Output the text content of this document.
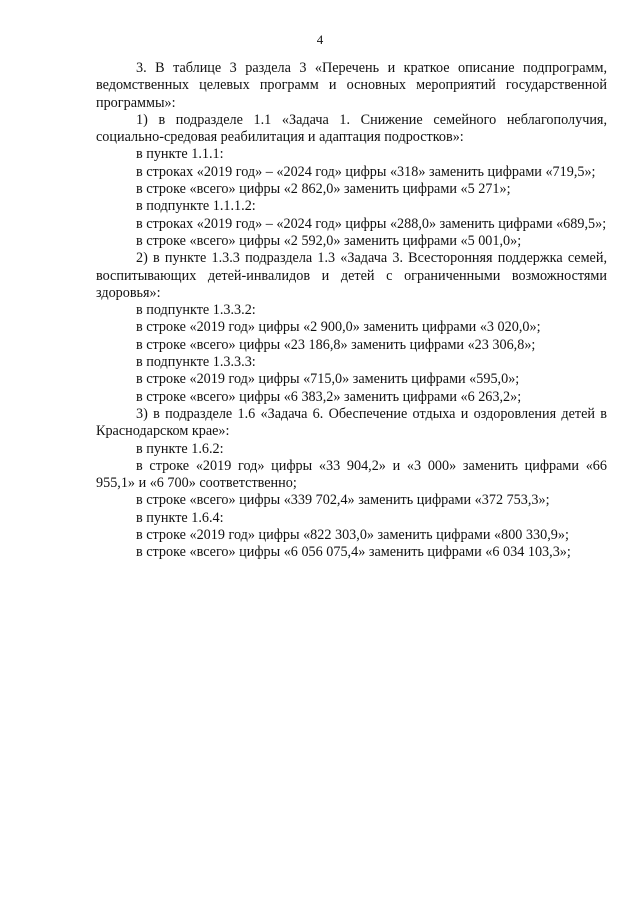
4

3. В таблице 3 раздела 3 «Перечень и краткое описание подпрограмм, ведомственных целевых программ и основных мероприятий государственной программы»:

1) в подразделе 1.1 «Задача 1. Снижение семейного неблагополучия, социально-средовая реабилитация и адаптация подростков»:

в пункте 1.1.1:

в строках «2019 год» – «2024 год» цифры «318» заменить цифрами «719,5»;

в строке «всего» цифры «2 862,0» заменить цифрами «5 271»;

в подпункте 1.1.1.2:

в строках «2019 год» – «2024 год» цифры «288,0» заменить цифрами «689,5»;

в строке «всего» цифры «2 592,0» заменить цифрами «5 001,0»;

2) в пункте 1.3.3 подраздела 1.3 «Задача 3. Всесторонняя поддержка семей, воспитывающих детей-инвалидов и детей с ограниченными возможностями здоровья»:

в подпункте 1.3.3.2:

в строке «2019 год» цифры «2 900,0» заменить цифрами «3 020,0»;

в строке «всего» цифры «23 186,8» заменить цифрами «23 306,8»;

в подпункте 1.3.3.3:

в строке «2019 год» цифры «715,0» заменить цифрами «595,0»;

в строке «всего» цифры «6 383,2» заменить цифрами «6 263,2»;

3) в подразделе 1.6 «Задача 6. Обеспечение отдыха и оздоровления детей в Краснодарском крае»:

в пункте 1.6.2:

в строке «2019 год» цифры «33 904,2» и «3 000» заменить цифрами «66 955,1» и «6 700» соответственно;

в строке «всего» цифры «339 702,4» заменить цифрами «372 753,3»;

в пункте 1.6.4:

в строке «2019 год» цифры «822 303,0» заменить цифрами «800 330,9»;

в строке «всего» цифры «6 056 075,4» заменить цифрами «6 034 103,3»;
